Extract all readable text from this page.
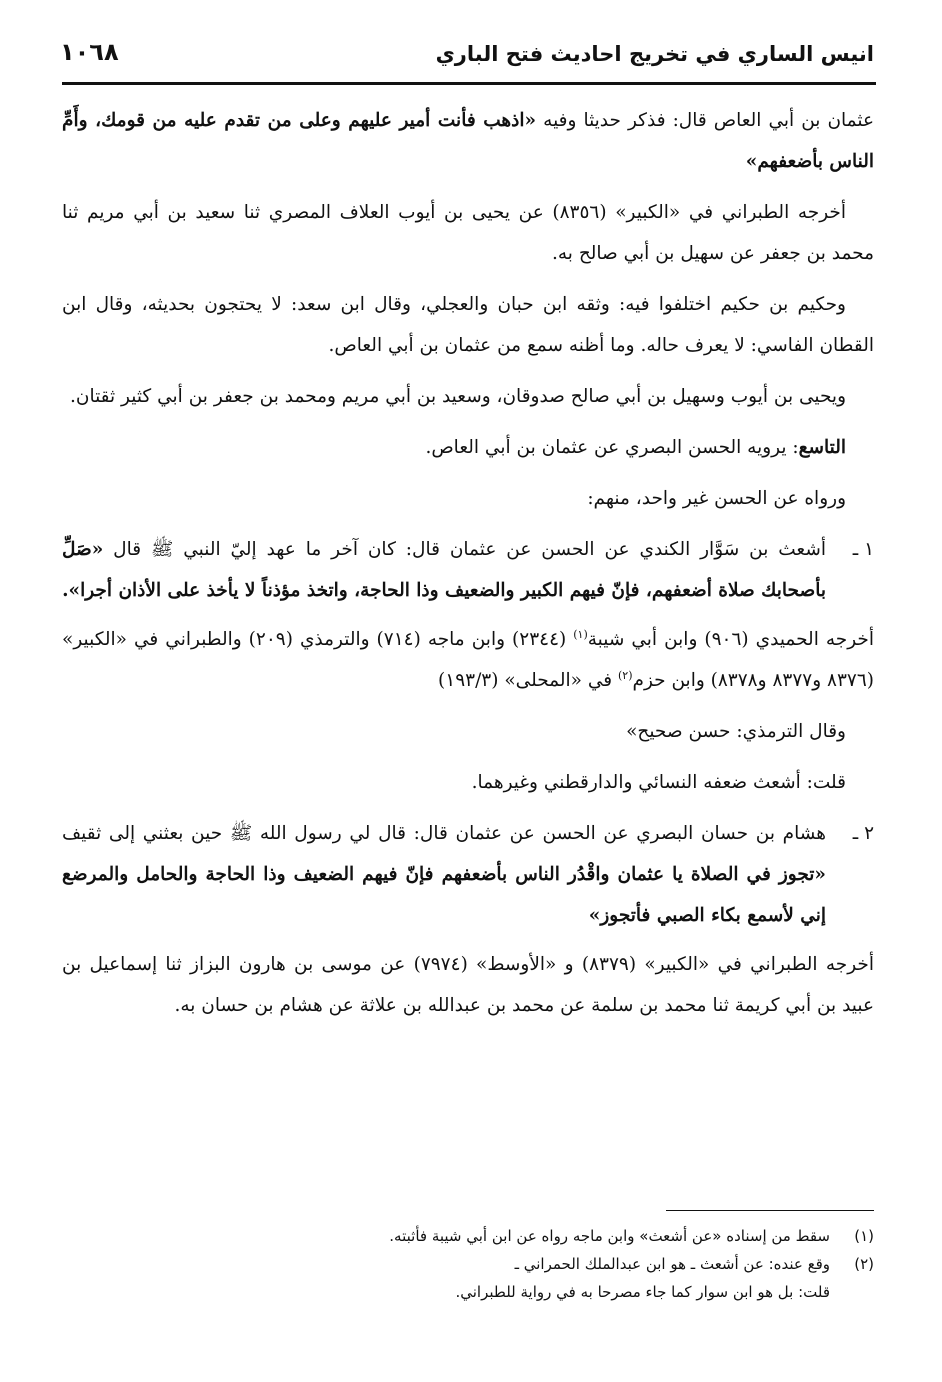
انيس الساري في تخريج احاديث فتح الباري
١٠٦٨

عثمان بن أبي العاص قال: فذكر حديثا وفيه «اذهب فأنت أمير عليهم وعلى من تقدم عليه من قومك، وأَمِّ الناس بأضعفهم»

أخرجه الطبراني في «الكبير» (٨٣٥٦) عن يحيى بن أيوب العلاف المصري ثنا سعيد بن أبي مريم ثنا محمد بن جعفر عن سهيل بن أبي صالح به.

وحكيم بن حكيم اختلفوا فيه: وثقه ابن حبان والعجلي، وقال ابن سعد: لا يحتجون بحديثه، وقال ابن القطان الفاسي: لا يعرف حاله. وما أظنه سمع من عثمان بن أبي العاص.

ويحيى بن أيوب وسهيل بن أبي صالح صدوقان، وسعيد بن أبي مريم ومحمد بن جعفر بن أبي كثير ثقتان.

التاسع: يرويه الحسن البصري عن عثمان بن أبي العاص.

ورواه عن الحسن غير واحد، منهم:

١ ـ
أشعث بن سَوَّار الكندي عن الحسن عن عثمان قال: كان آخر ما عهد إليّ النبي ﷺ قال «صَلِّ بأصحابك صلاة أضعفهم، فإنّ فيهم الكبير والضعيف وذا الحاجة، واتخذ مؤذناً لا يأخذ على الأذان أجرا».

أخرجه الحميدي (٩٠٦) وابن أبي شيبة$^{(١)}$ (٢٣٤٤) وابن ماجه (٧١٤) والترمذي (٢٠٩) والطبراني في «الكبير» (٨٣٧٦ و٨٣٧٧ و٨٣٧٨) وابن حزم$^{(٢)}$ في «المحلى» (١٩٣/٣)

وقال الترمذي: حسن صحيح»

قلت: أشعث ضعفه النسائي والدارقطني وغيرهما.

٢ ـ
هشام بن حسان البصري عن الحسن عن عثمان قال: قال لي رسول الله ﷺ حين بعثني إلى ثقيف «تجوز في الصلاة يا عثمان واقْدُر الناس بأضعفهم فإنّ فيهم الضعيف وذا الحاجة والحامل والمرضع إني لأسمع بكاء الصبي فأتجوز»

أخرجه الطبراني في «الكبير» (٨٣٧٩) و «الأوسط» (٧٩٧٤) عن موسى بن هارون البزاز ثنا إسماعيل بن عبيد بن أبي كريمة ثنا محمد بن سلمة عن محمد بن عبدالله بن علاثة عن هشام بن حسان به.

(١)
سقط من إسناده «عن أشعث» وابن ماجه رواه عن ابن أبي شيبة فأثبته.
(٢)
وقع عنده: عن أشعث ـ هو ابن عبدالملك الحمراني ـ
قلت: بل هو ابن سوار كما جاء مصرحا به في رواية للطبراني.
